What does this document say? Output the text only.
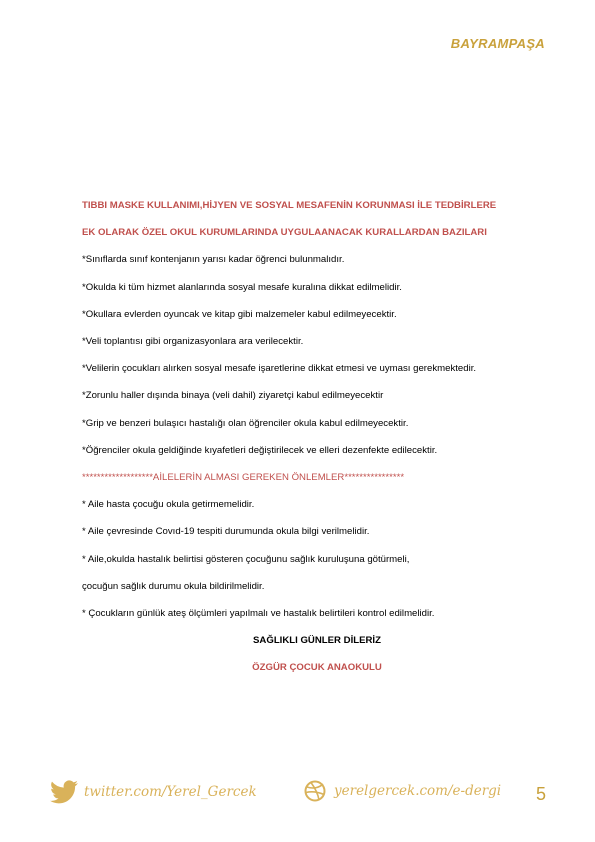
BAYRAMPAŞA
TIBBI MASKE KULLANIMI,HİJYEN VE SOSYAL MESAFENİN KORUNMASI İLE TEDBİRLERE
EK OLARAK ÖZEL OKUL KURUMLARINDA UYGULAANACAK KURALLARDAN BAZILARI
*Sınıflarda sınıf kontenjanın yarısı kadar öğrenci bulunmalıdır.
*Okulda ki tüm hizmet alanlarında sosyal mesafe kuralına dikkat edilmelidir.
*Okullara evlerden oyuncak ve kitap gibi malzemeler kabul edilmeyecektir.
*Veli toplantısı gibi organizasyonlara ara verilecektir.
*Velilerin çocukları alırken sosyal mesafe işaretlerine dikkat etmesi ve uyması gerekmektedir.
*Zorunlu haller dışında binaya (veli dahil) ziyaretçi kabul edilmeyecektir
*Grip ve benzeri bulaşıcı hastalığı olan öğrenciler okula kabul edilmeyecektir.
*Öğrenciler okula geldiğinde kıyafetleri değiştirilecek ve elleri dezenfekte edilecektir.
*******************AİLELERİN ALMASI GEREKEN ÖNLEMLER****************
* Aile hasta çocuğu okula getirmemelidir.
* Aile çevresinde Covıd-19 tespiti durumunda okula bilgi verilmelidir.
* Aile,okulda hastalık belirtisi gösteren çocuğunu sağlık kuruluşuna götürmeli,
çocuğun sağlık durumu okula bildirilmelidir.
* Çocukların günlük ateş ölçümleri yapılmalı ve hastalık belirtileri kontrol edilmelidir.
SAĞLIKLI GÜNLER DİLERİZ
ÖZGÜR ÇOCUK ANAOKULU
twitter.com/Yerel_Gercek	yerelgercek.com/e-dergi 5
